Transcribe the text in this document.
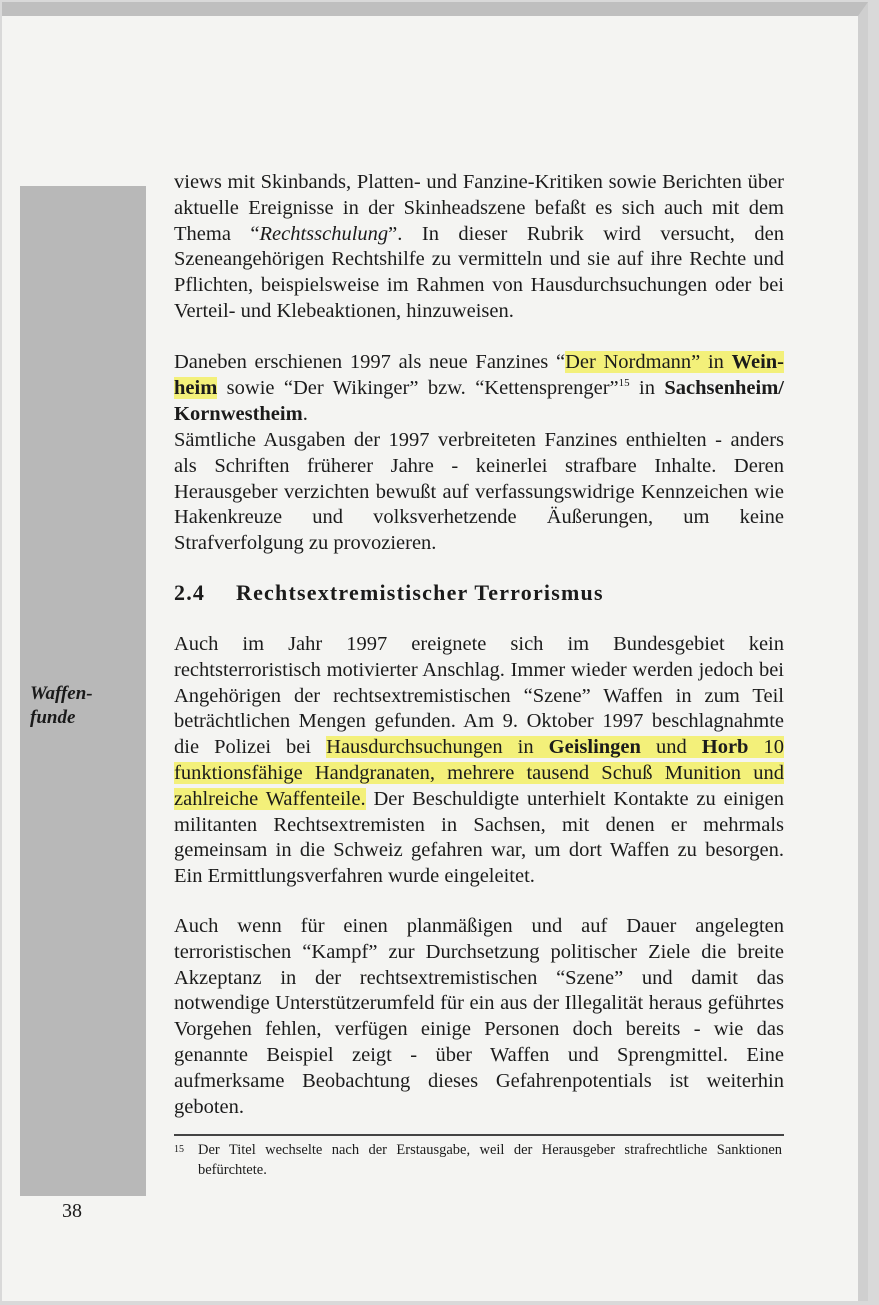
Waffen-
funde

views mit Skinbands, Platten- und Fanzine-Kritiken sowie Berichten über aktuelle Ereignisse in der Skinheadszene befaßt es sich auch mit dem Thema “Rechtsschulung”. In dieser Rubrik wird versucht, den Szeneangehörigen Rechtshilfe zu vermitteln und sie auf ihre Rechte und Pflichten, beispielsweise im Rahmen von Hausdurchsuchungen oder bei Verteil- und Klebeaktionen, hinzuweisen.

Daneben erschienen 1997 als neue Fanzines “Der Nordmann” in Wein-heim sowie “Der Wikinger” bzw. “Kettensprenger”$^{15}$ in Sachsenheim/ Kornwestheim.

Sämtliche Ausgaben der 1997 verbreiteten Fanzines enthielten - anders als Schriften früherer Jahre - keinerlei strafbare Inhalte. Deren Herausgeber verzichten bewußt auf verfassungswidrige Kennzeichen wie Hakenkreuze und volksverhetzende Äußerungen, um keine Strafverfolgung zu provozieren.

2.4 Rechtsextremistischer Terrorismus

Auch im Jahr 1997 ereignete sich im Bundesgebiet kein rechtsterroristisch motivierter Anschlag. Immer wieder werden jedoch bei Angehörigen der rechtsextremistischen “Szene” Waffen in zum Teil beträchtlichen Mengen gefunden. Am 9. Oktober 1997 beschlagnahmte die Polizei bei Hausdurchsuchungen in Geislingen und Horb 10 funktionsfähige Handgranaten, mehrere tausend Schuß Munition und zahlreiche Waffenteile. Der Beschuldigte unterhielt Kontakte zu einigen militanten Rechtsextremisten in Sachsen, mit denen er mehrmals gemeinsam in die Schweiz gefahren war, um dort Waffen zu besorgen. Ein Ermittlungsverfahren wurde eingeleitet.

Auch wenn für einen planmäßigen und auf Dauer angelegten terroristischen “Kampf” zur Durchsetzung politischer Ziele die breite Akzeptanz in der rechtsextremistischen “Szene” und damit das notwendige Unterstützerumfeld für ein aus der Illegalität heraus geführtes Vorgehen fehlen, verfügen einige Personen doch bereits - wie das genannte Beispiel zeigt - über Waffen und Sprengmittel. Eine aufmerksame Beobachtung dieses Gefahrenpotentials ist weiterhin geboten.

15 Der Titel wechselte nach der Erstausgabe, weil der Herausgeber strafrechtliche Sanktionen befürchtete.
38
